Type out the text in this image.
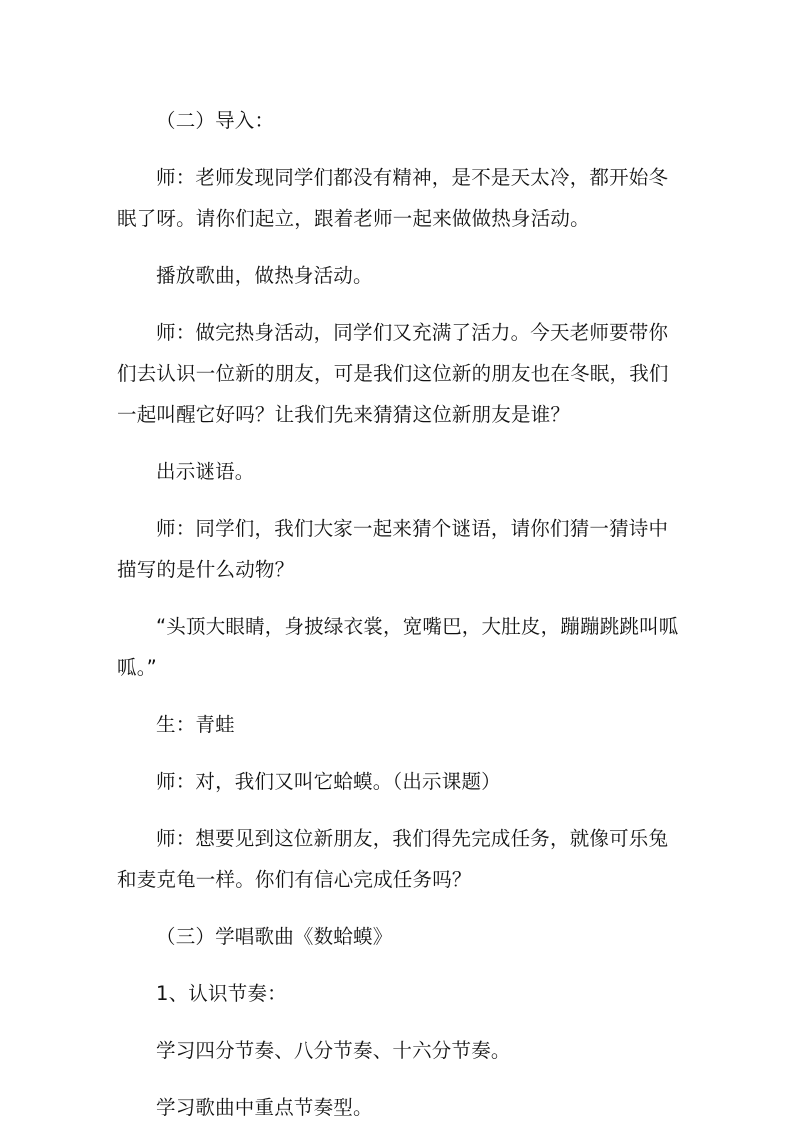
（二）导入：

师：老师发现同学们都没有精神，是不是天太冷，都开始冬眠了呀。请你们起立，跟着老师一起来做做热身活动。

播放歌曲，做热身活动。

师：做完热身活动，同学们又充满了活力。今天老师要带你们去认识一位新的朋友，可是我们这位新的朋友也在冬眠，我们一起叫醒它好吗？让我们先来猜猜这位新朋友是谁？

出示谜语。

师：同学们，我们大家一起来猜个谜语，请你们猜一猜诗中描写的是什么动物？

“头顶大眼睛，身披绿衣裳，宽嘴巴，大肚皮，蹦蹦跳跳叫呱呱。”

生：青蛙

师：对，我们又叫它蛤蟆。（出示课题）

师：想要见到这位新朋友，我们得先完成任务，就像可乐兔和麦克龟一样。你们有信心完成任务吗？

（三）学唱歌曲《数蛤蟆》

1、认识节奏：

学习四分节奏、八分节奏、十六分节奏。

学习歌曲中重点节奏型。
